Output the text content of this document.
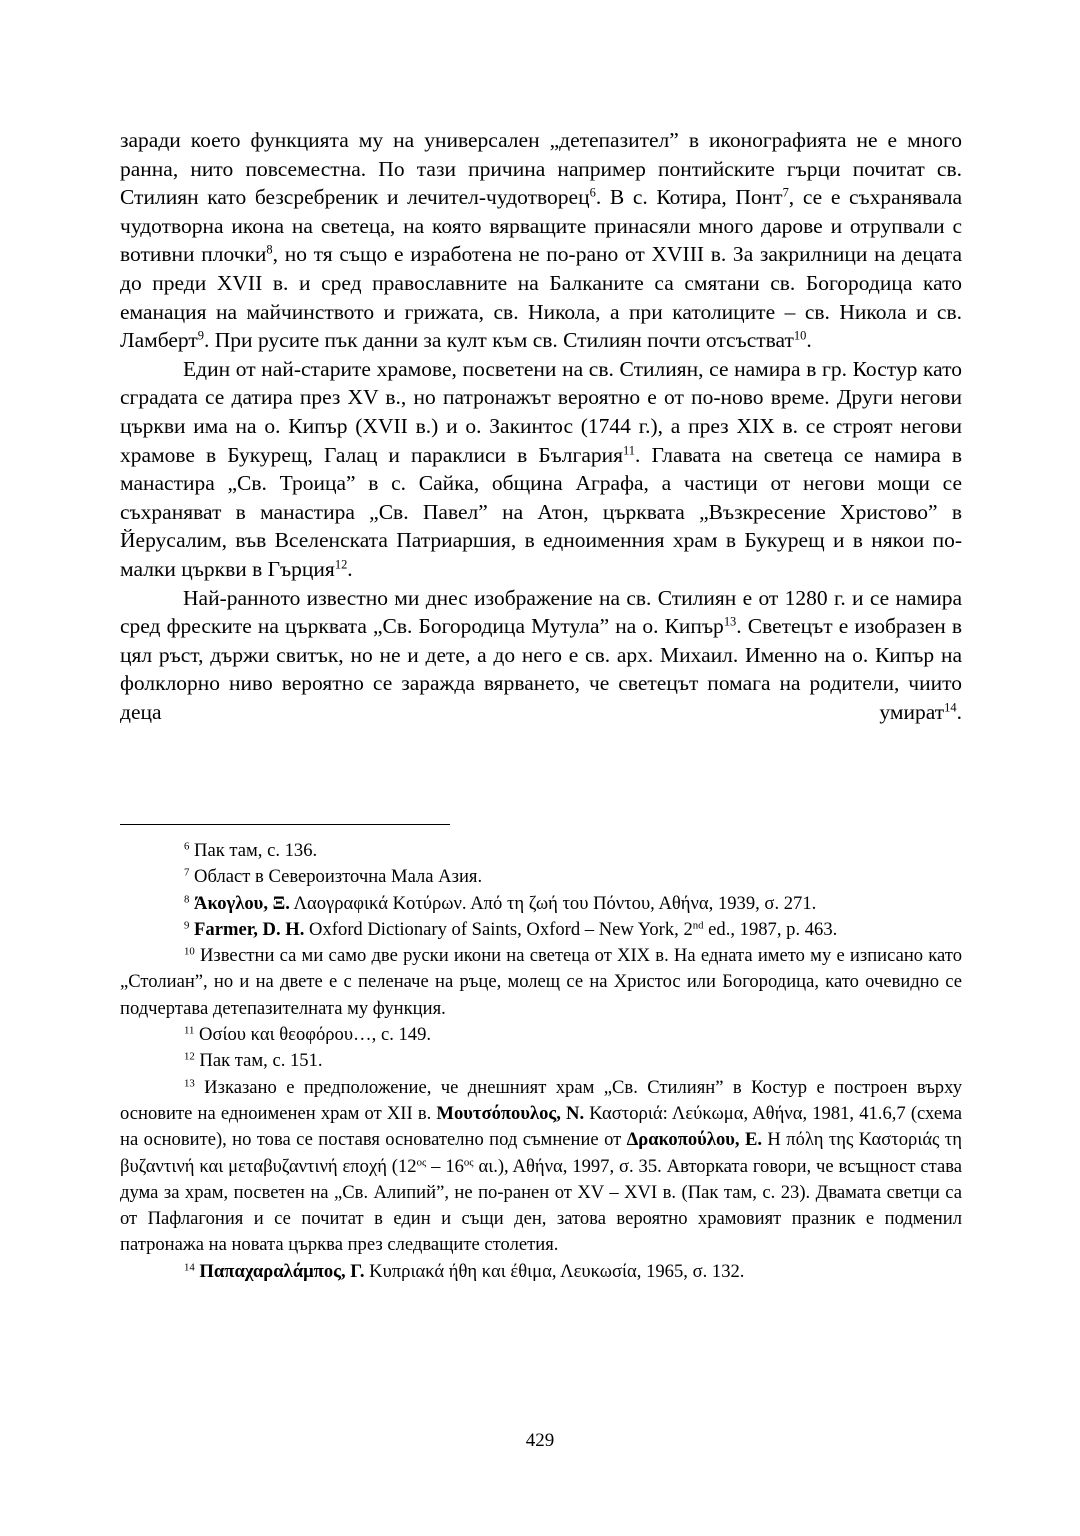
заради което функцията му на универсален „детепазител” в иконографията не е много ранна, нито повсеместна. По тази причина например понтийските гърци почитат св. Стилиян като безсребреник и лечител-чудотворец$^6$. В с. Котира, Понт$^7$, се е съхранявала чудотворна икона на светеца, на която вярващите принасяли много дарове и отрупвали с вотивни плочки$^8$, но тя също е изработена не по-рано от XVIII в. За закрилници на децата до преди XVII в. и сред православните на Балканите са смятани св. Богородица като еманация на майчинството и грижата, св. Никола, а при католиците – св. Никола и св. Ламберт$^9$. При русите пък данни за култ към св. Стилиян почти отсъстват$^{10}$.

Един от най-старите храмове, посветени на св. Стилиян, се намира в гр. Костур като сградата се датира през XV в., но патронажът вероятно е от по-ново време. Други негови църкви има на о. Кипър (XVII в.) и о. Закинтос (1744 г.), а през XIX в. се строят негови храмове в Букурещ, Галац и параклиси в България$^{11}$. Главата на светеца се намира в манастира „Св. Троица” в с. Сайка, община Аграфа, а частици от негови мощи се съхраняват в манастира „Св. Павел” на Атон, църквата „Възкресение Христово” в Йерусалим, във Вселенската Патриаршия, в едноименния храм в Букурещ и в някои помалки църкви в Гърция$^{12}$.

Най-ранното известно ми днес изображение на св. Стилиян е от 1280 г. и се намира сред фреските на църквата „Св. Богородица Мутула” на о. Кипър$^{13}$. Светецът е изобразен в цял ръст, държи свитък, но не и дете, а до него е св. арх. Михаил. Именно на о. Кипър на фолклорно ниво вероятно се заражда вярването, че светецът помага на родители, чиито деца умират$^{14}$.

$^6$ Пак там, с. 136.

$^7$ Област в Североизточна Мала Азия.

$^8$ Άκογλου, Ξ. Λαογραφικά Κοτύρων. Από τη ζωή του Πόντου, Αθήνα, 1939, σ. 271.

$^9$ Farmer, D. H. Oxford Dictionary of Saints, Oxford – New York, 2nd ed., 1987, p. 463.

$^{10}$ Известни са ми само две руски икони на светеца от XIX в. На едната името му е изписано като „Столиан”, но и на двете е с пеленаче на ръце, молещ се на Христос или Богородица, като очевидно се подчертава детепазителната му функция.

$^{11}$ Οσίου και θεοφόρου…, с. 149.

$^{12}$ Пак там, с. 151.

$^{13}$ Изказано е предположение, че днешният храм „Св. Стилиян” в Костур е построен върху основите на едноименен храм от XII в. Μουτσόπουλος, Ν. Καστοριά: Λεύκωμα, Αθήνα, 1981, 41.6,7 (схема на основите), но това се поставя основателно под съмнение от Δρακοπούλου, Ε. Η πόλη της Καστοριάς τη βυζαντινή και μεταβυζαντινή εποχή ($12^{o\varsigma} - 16^{o\varsigma}$ αι.), Αθήνα, 1997, σ. 35. Авторката говори, че всъщност става дума за храм, посветен на „Св. Алипий”, не по-ранен от XV – XVI в. (Пак там, с. 23). Двамата светци са от Пафлагония и се почитат в един и същи ден, затова вероятно храмовият празник е подменил патронажа на новата църква през следващите столетия.

$^{14}$ Παπαχαραλάμπος, Γ. Κυπριακά ήθη και έθιμα, Λευκωσία, 1965, σ. 132.

429
